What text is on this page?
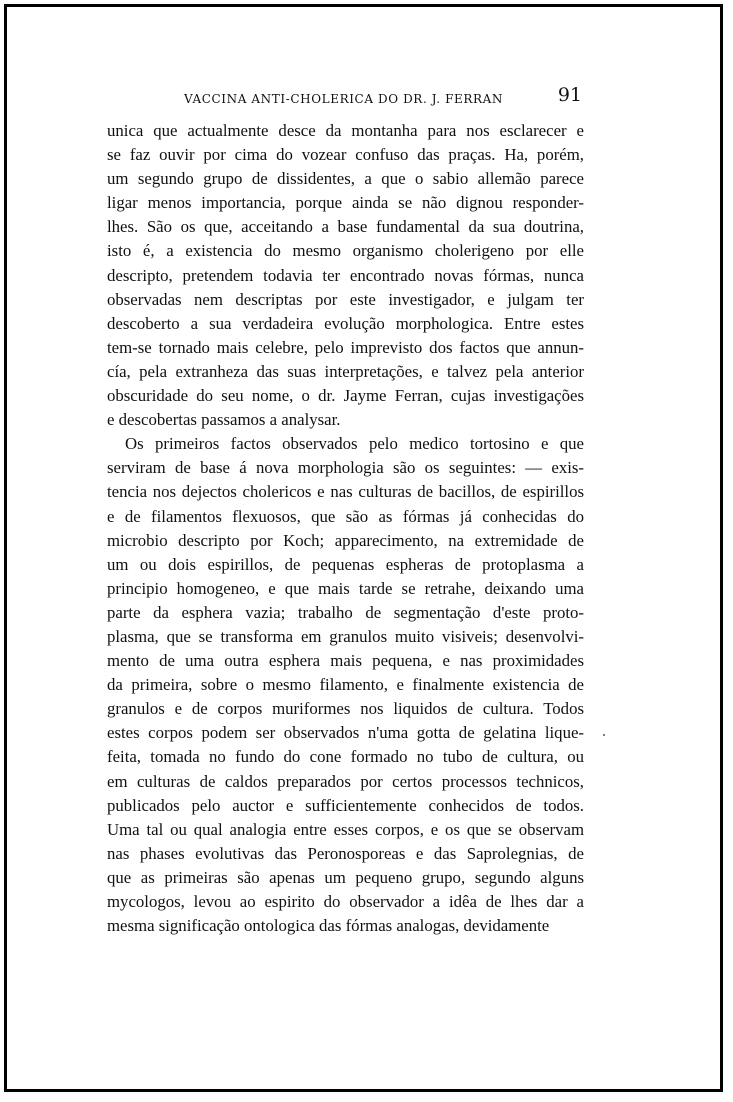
VACCINA ANTI-CHOLERICA DO DR. J. FERRAN	91
unica que actualmente desce da montanha para nos esclarecer e
se faz ouvir por cima do vozear confuso das praças. Ha, porém,
um segundo grupo de dissidentes, a que o sabio allemão parece
ligar menos importancia, porque ainda se não dignou responder-
lhes. São os que, acceitando a base fundamental da sua doutrina,
isto é, a existencia do mesmo organismo cholerigeno por elle
descripto, pretendem todavia ter encontrado novas fórmas, nunca
observadas nem descriptas por este investigador, e julgam ter
descoberto a sua verdadeira evolução morphologica. Entre estes
tem-se tornado mais celebre, pelo imprevisto dos factos que annun-
cía, pela extranheza das suas interpretações, e talvez pela anterior
obscuridade do seu nome, o dr. Jayme Ferran, cujas investigações
e descobertas passamos a analysar.
Os primeiros factos observados pelo medico tortosino e que
serviram de base á nova morphologia são os seguintes: — exis-
tencia nos dejectos cholericos e nas culturas de bacillos, de espirillos
e de filamentos flexuosos, que são as fórmas já conhecidas do
microbio descripto por Koch; apparecimento, na extremidade de
um ou dois espirillos, de pequenas espheras de protoplasma a
principio homogeneo, e que mais tarde se retrahe, deixando uma
parte da esphera vazia; trabalho de segmentação d'este proto-
plasma, que se transforma em granulos muito visiveis; desenvolvi-
mento de uma outra esphera mais pequena, e nas proximidades
da primeira, sobre o mesmo filamento, e finalmente existencia de
granulos e de corpos muriformes nos liquidos de cultura. Todos
estes corpos podem ser observados n'uma gotta de gelatina lique-
feita, tomada no fundo do cone formado no tubo de cultura, ou
em culturas de caldos preparados por certos processos technicos,
publicados pelo auctor e sufficientemente conhecidos de todos.
Uma tal ou qual analogia entre esses corpos, e os que se observam
nas phases evolutivas das Peronosporeas e das Saprolegnias, de
que as primeiras são apenas um pequeno grupo, segundo alguns
mycologos, levou ao espirito do observador a idêa de lhes dar a
mesma significação ontologica das fórmas analogas, devidamente
